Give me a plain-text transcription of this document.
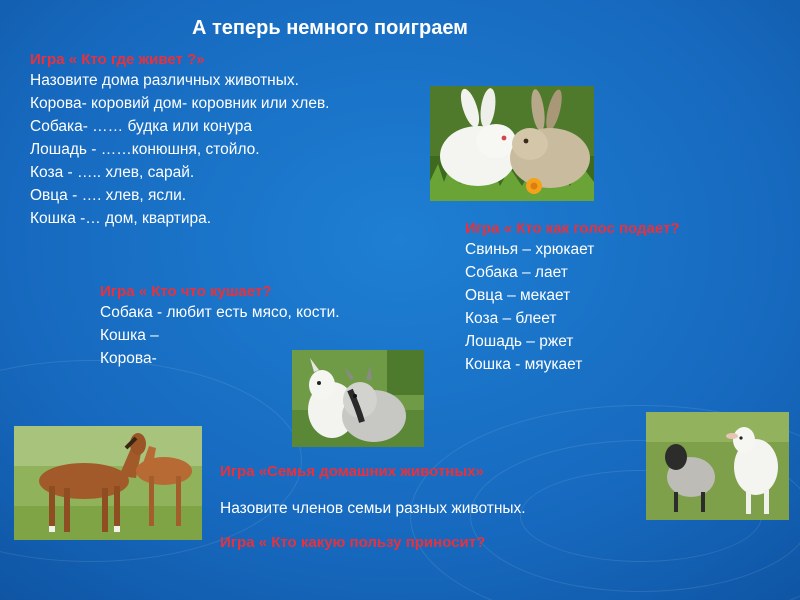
А теперь немного поиграем
Игра « Кто где живет ?»
Назовите дома различных животных.
Корова- коровий дом- коровник или хлев.
Собака- …… будка или конура
Лошадь - ……конюшня, стойло.
Коза - ….. хлев, сарай.
Овца - …. хлев, ясли.
Кошка -… дом, квартира.
Игра « Кто как голос подает?
Свинья – хрюкает
Собака – лает
Овца – мекает
Коза – блеет
Лошадь – ржет
Кошка - мяукает
Игра « Кто что кушает?
Собака - любит есть мясо, кости.
Кошка –
Корова-
Игра «Семья домашних животных»
Назовите членов семьи разных животных.
Игра « Кто какую пользу приносит?
